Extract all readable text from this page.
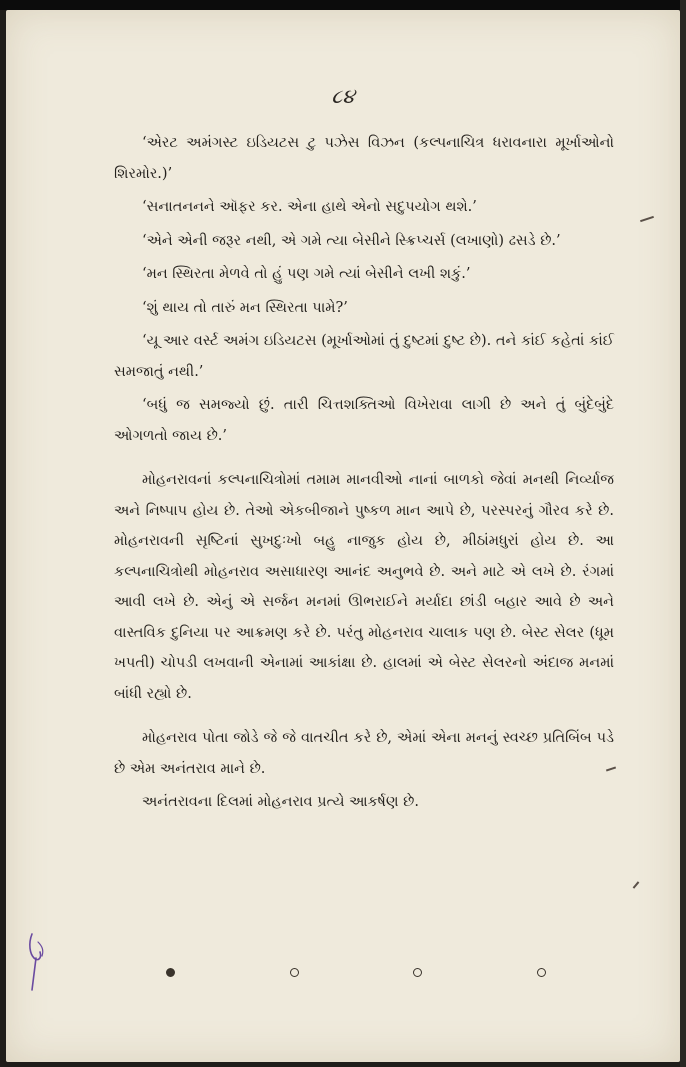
૮૪

‘એરટ અમંગસ્ટ ઇડિયટસ ટુ પઝેસ વિઝન (કલ્પનાચિત્ર ધરાવનારા મૂર્ખાઓનો શિરમોર.)’

‘સનાતનનને ઑફર કર. એના હાથે એનો સદુપયોગ થશે.’

‘એને એની જરૂર નથી, એ ગમે ત્યા બેસીને સ્ક્રિપ્ચર્સ (લખાણો) ઢસડે છે.’

‘મન સ્થિરતા મેળવે તો હું પણ ગમે ત્યાં બેસીને લખી શકું.’

‘શું થાય તો તારું મન સ્થિરતા પામે?’

‘યૂ આર વર્સ્ટ અમંગ ઇડિયટસ (મૂર્ખાઓમાં તું દુષ્ટમાં દુષ્ટ છે). તને કાંઈ કહેતાં કાંઈ સમજાતું નથી.’

‘બધું જ સમજ્યો છું. તારી ચિત્તશક્તિઓ વિખેરાવા લાગી છે અને તું બુંદેબુંદે ઓગળતો જાય છે.’

મોહનરાવનાં કલ્પનાચિત્રોમાં તમામ માનવીઓ નાનાં બાળકો જેવાં મનથી નિર્વ્યાજ અને નિષ્પાપ હોય છે. તેઓ એકબીજાને પુષ્કળ માન આપે છે, પરસ્પરનું ગૌરવ કરે છે. મોહનરાવની સૃષ્ટિનાં સુખદુઃખો બહુ નાજુક હોય છે, મીઠાંમધુરાં હોય છે. આ કલ્પનાચિત્રોથી મોહનરાવ અસાધારણ આનંદ અનુભવે છે. અને માટે એ લખે છે. રંગમાં આવી લખે છે. એનું એ સર્જન મનમાં ઊભરાઈને મર્યાદા છાંડી બહાર આવે છે અને વાસ્તવિક દુનિયા પર આક્રમણ કરે છે. પરંતુ મોહનરાવ ચાલાક પણ છે. બેસ્ટ સેલર (ધૂમ ખપતી) ચોપડી લખવાની એનામાં આકાંક્ષા છે. હાલમાં એ બેસ્ટ સેલરનો અંદાજ મનમાં બાંધી રહ્યો છે.

મોહનરાવ પોતા જોડે જે જે વાતચીત કરે છે, એમાં એના મનનું સ્વચ્છ પ્રતિબિંબ પડે છે એમ અનંતરાવ માને છે.

અનંતરાવના દિલમાં મોહનરાવ પ્રત્યે આકર્ષણ છે.
